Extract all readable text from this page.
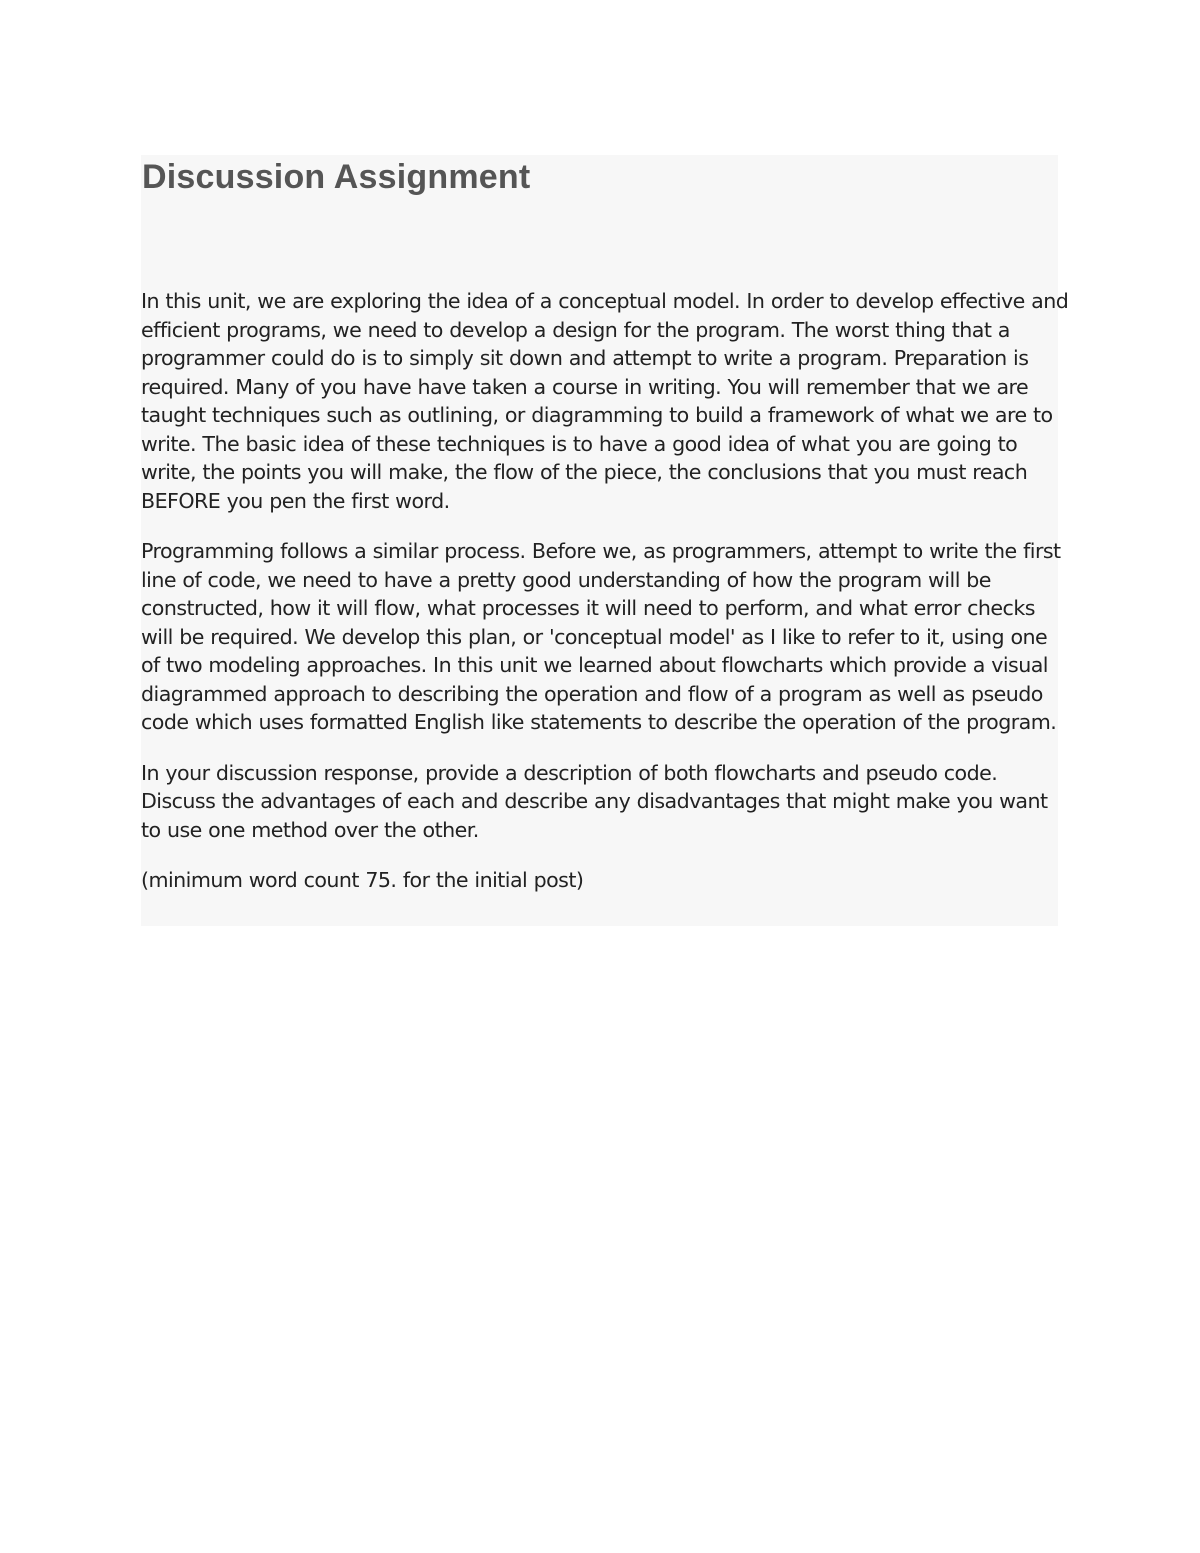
Discussion Assignment

In this unit, we are exploring the idea of a conceptual model. In order to develop effective and efficient programs, we need to develop a design for the program. The worst thing that a programmer could do is to simply sit down and attempt to write a program. Preparation is required. Many of you have have taken a course in writing. You will remember that we are taught techniques such as outlining, or diagramming to build a framework of what we are to write. The basic idea of these techniques is to have a good idea of what you are going to write, the points you will make, the flow of the piece, the conclusions that you must reach BEFORE you pen the first word.

Programming follows a similar process. Before we, as programmers, attempt to write the first line of code, we need to have a pretty good understanding of how the program will be constructed, how it will flow, what processes it will need to perform, and what error checks will be required. We develop this plan, or 'conceptual model' as I like to refer to it, using one of two modeling approaches. In this unit we learned about flowcharts which provide a visual diagrammed approach to describing the operation and flow of a program as well as pseudo code which uses formatted English like statements to describe the operation of the program.

In your discussion response, provide a description of both flowcharts and pseudo code. Discuss the advantages of each and describe any disadvantages that might make you want to use one method over the other.

(minimum word count 75. for the initial post)
